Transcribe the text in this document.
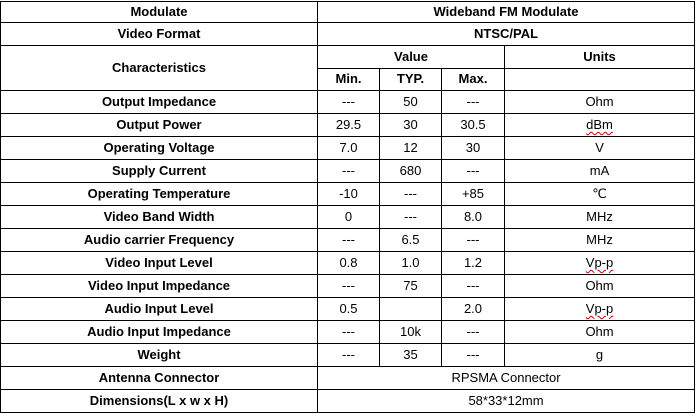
Modulate	Wideband FM Modulate			
Video Format	NTSC/PAL			
Characteristics	Value			Units
	Min.	TYP.	Max.	
Output Impedance	---	50	---	Ohm
Output Power	29.5	30	30.5	dBm
Operating Voltage	7.0	12	30	V
Supply Current	---	680	---	mA
Operating Temperature	-10	---	+85	℃
Video Band Width	0	---	8.0	MHz
Audio carrier Frequency	---	6.5	---	MHz
Video Input Level	0.8	1.0	1.2	Vp-p
Video Input Impedance	---	75	---	Ohm
Audio Input Level	0.5		2.0	Vp-p
Audio Input Impedance	---	10k	---	Ohm
Weight	---	35	---	g
Antenna Connector	RPSMA Connector			
Dimensions(L x w x H)	58*33*12mm			
